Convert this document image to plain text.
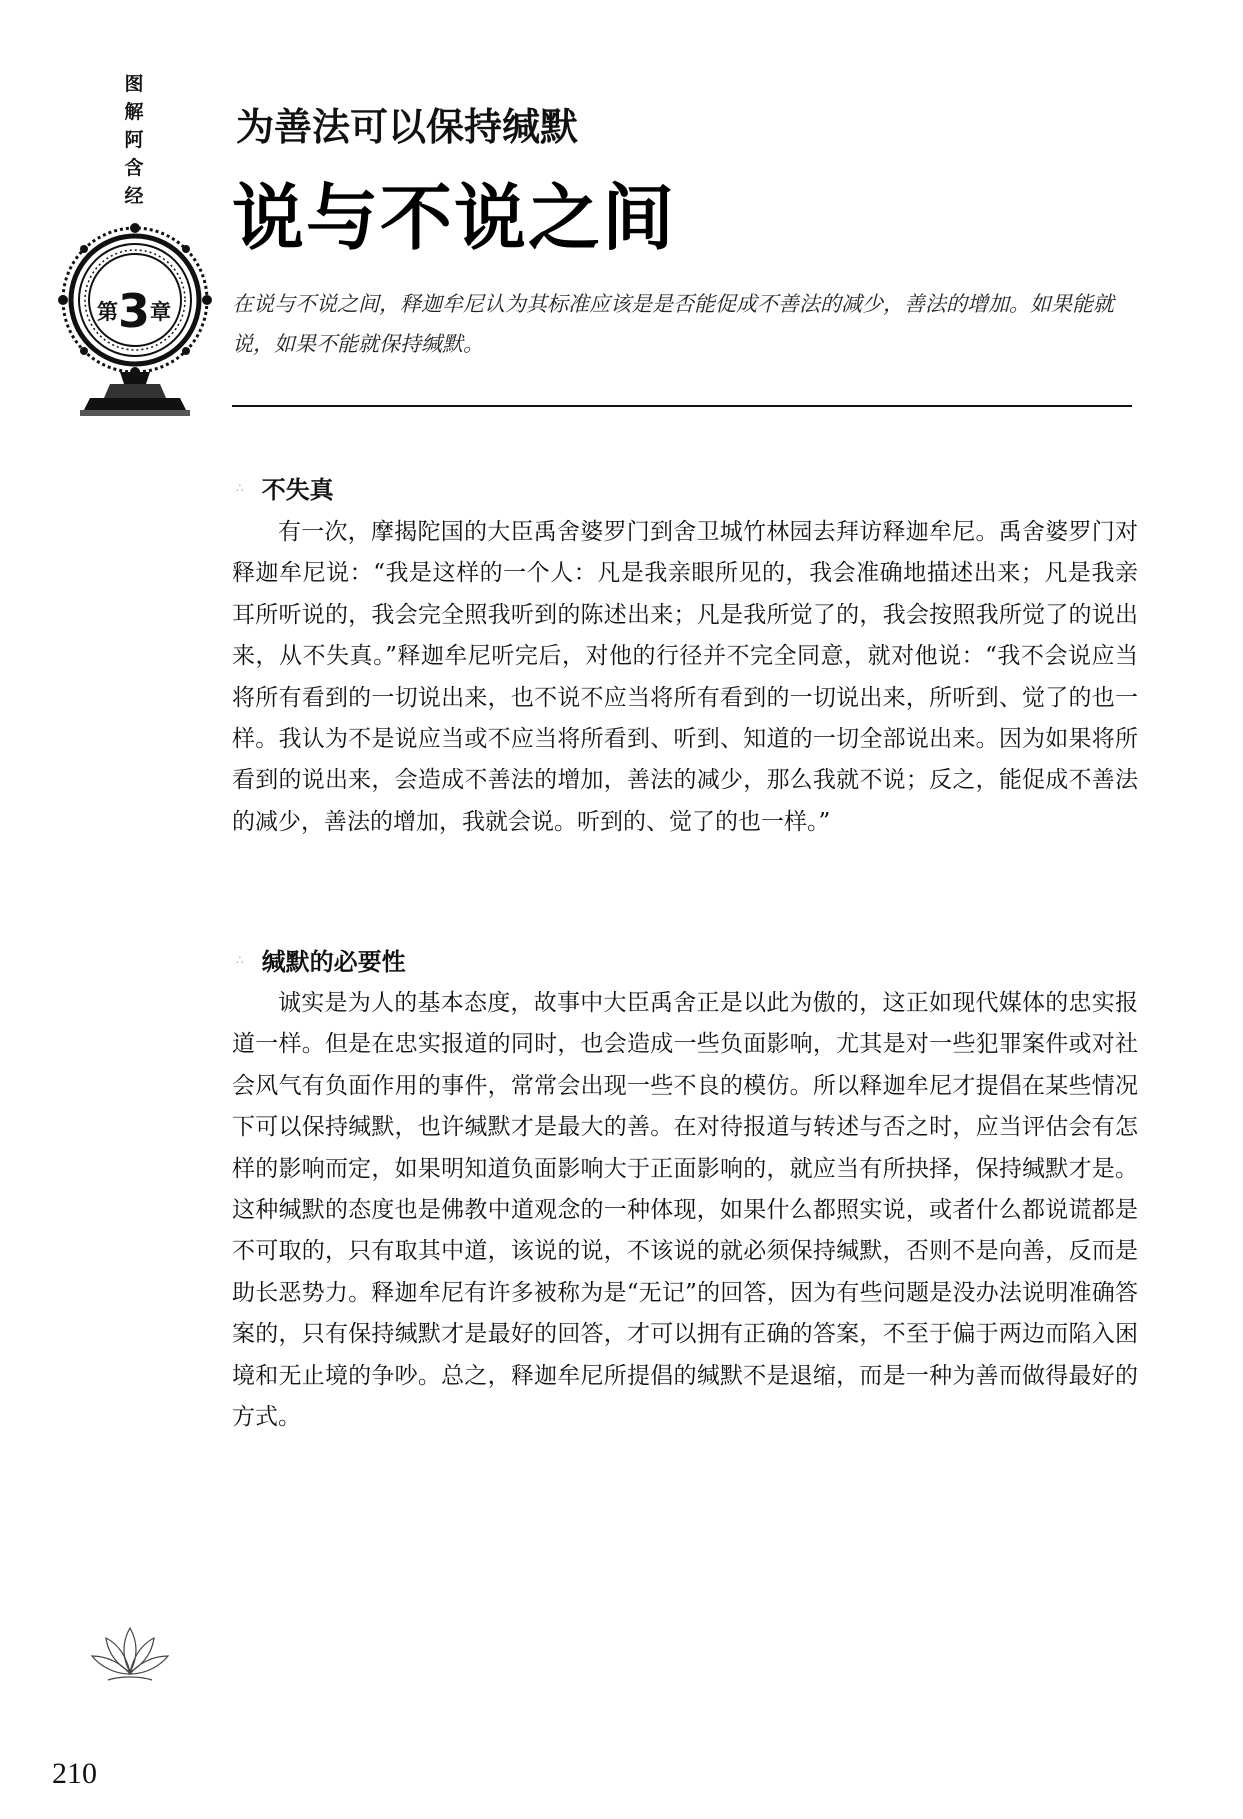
图
解
阿
含
经
第3章
为善法可以保持缄默
说与不说之间
在说与不说之间，释迦牟尼认为其标准应该是是否能促成不善法的减少，善法的增加。如果能就说，如果不能就保持缄默。
∴ 不失真
有一次，摩揭陀国的大臣禹舍婆罗门到舍卫城竹林园去拜访释迦牟尼。禹舍婆罗门对释迦牟尼说：“我是这样的一个人：凡是我亲眼所见的，我会准确地描述出来；凡是我亲耳所听说的，我会完全照我听到的陈述出来；凡是我所觉了的，我会按照我所觉了的说出来，从不失真。”释迦牟尼听完后，对他的行径并不完全同意，就对他说：“我不会说应当将所有看到的一切说出来，也不说不应当将所有看到的一切说出来，所听到、觉了的也一样。我认为不是说应当或不应当将所看到、听到、知道的一切全部说出来。因为如果将所看到的说出来，会造成不善法的增加，善法的减少，那么我就不说；反之，能促成不善法的减少，善法的增加，我就会说。听到的、觉了的也一样。”
∴ 缄默的必要性
诚实是为人的基本态度，故事中大臣禹舍正是以此为傲的，这正如现代媒体的忠实报道一样。但是在忠实报道的同时，也会造成一些负面影响，尤其是对一些犯罪案件或对社会风气有负面作用的事件，常常会出现一些不良的模仿。所以释迦牟尼才提倡在某些情况下可以保持缄默，也许缄默才是最大的善。在对待报道与转述与否之时，应当评估会有怎样的影响而定，如果明知道负面影响大于正面影响的，就应当有所抉择，保持缄默才是。这种缄默的态度也是佛教中道观念的一种体现，如果什么都照实说，或者什么都说谎都是不可取的，只有取其中道，该说的说，不该说的就必须保持缄默，否则不是向善，反而是助长恶势力。释迦牟尼有许多被称为是“无记”的回答，因为有些问题是没办法说明准确答案的，只有保持缄默才是最好的回答，才可以拥有正确的答案，不至于偏于两边而陷入困境和无止境的争吵。总之，释迦牟尼所提倡的缄默不是退缩，而是一种为善而做得最好的方式。
210
